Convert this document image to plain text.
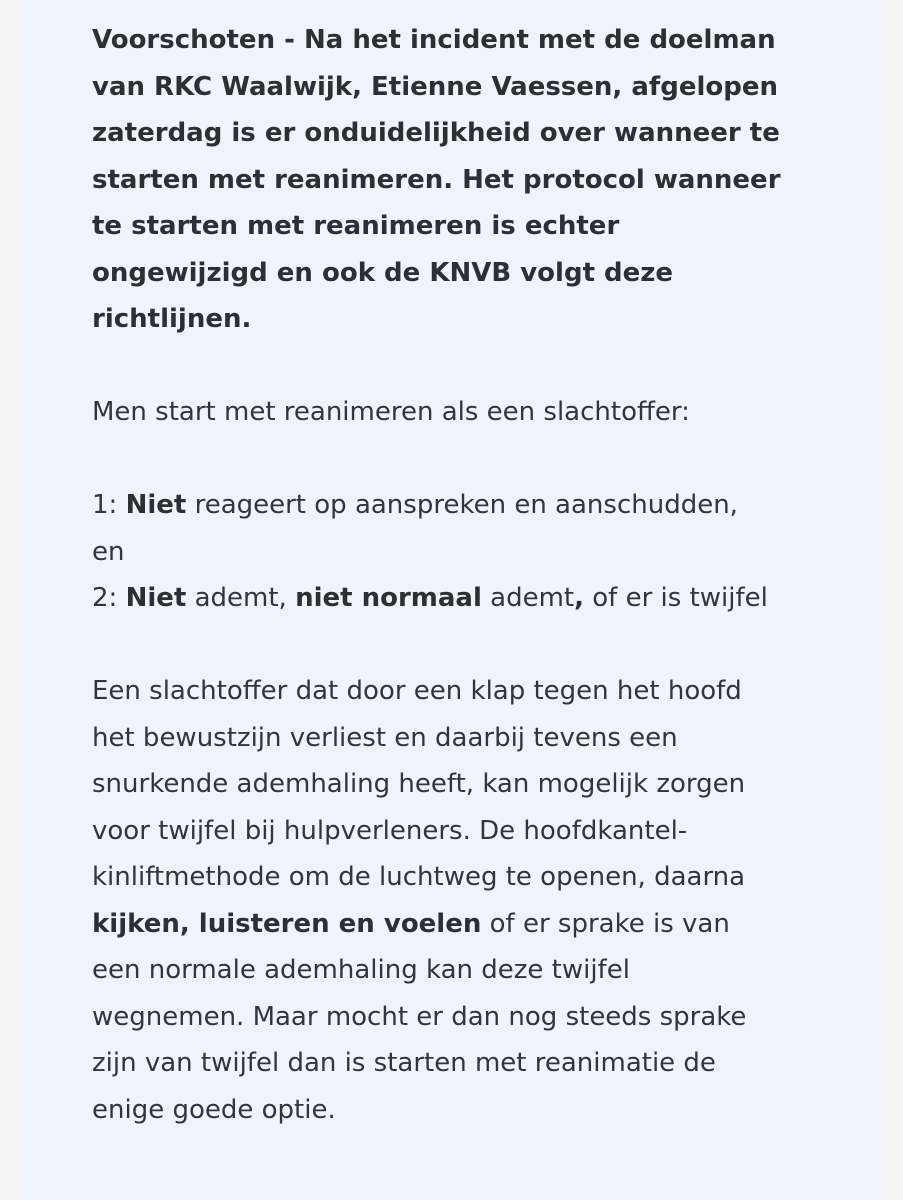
Voorschoten - Na het incident met de doelman
van RKC Waalwijk, Etienne Vaessen, afgelopen
zaterdag is er onduidelijkheid over wanneer te
starten met reanimeren. Het protocol wanneer
te starten met reanimeren is echter
ongewijzigd en ook de KNVB volgt deze
richtlijnen.
Men start met reanimeren als een slachtoffer:
1: Niet reageert op aanspreken en aanschudden,
en
2: Niet ademt, niet normaal ademt, of er is twijfel
Een slachtoffer dat door een klap tegen het hoofd
het bewustzijn verliest en daarbij tevens een
snurkende ademhaling heeft, kan mogelijk zorgen
voor twijfel bij hulpverleners. De hoofdkantel-
kinliftmethode om de luchtweg te openen, daarna
kijken, luisteren en voelen of er sprake is van
een normale ademhaling kan deze twijfel
wegnemen. Maar mocht er dan nog steeds sprake
zijn van twijfel dan is starten met reanimatie de
enige goede optie.
